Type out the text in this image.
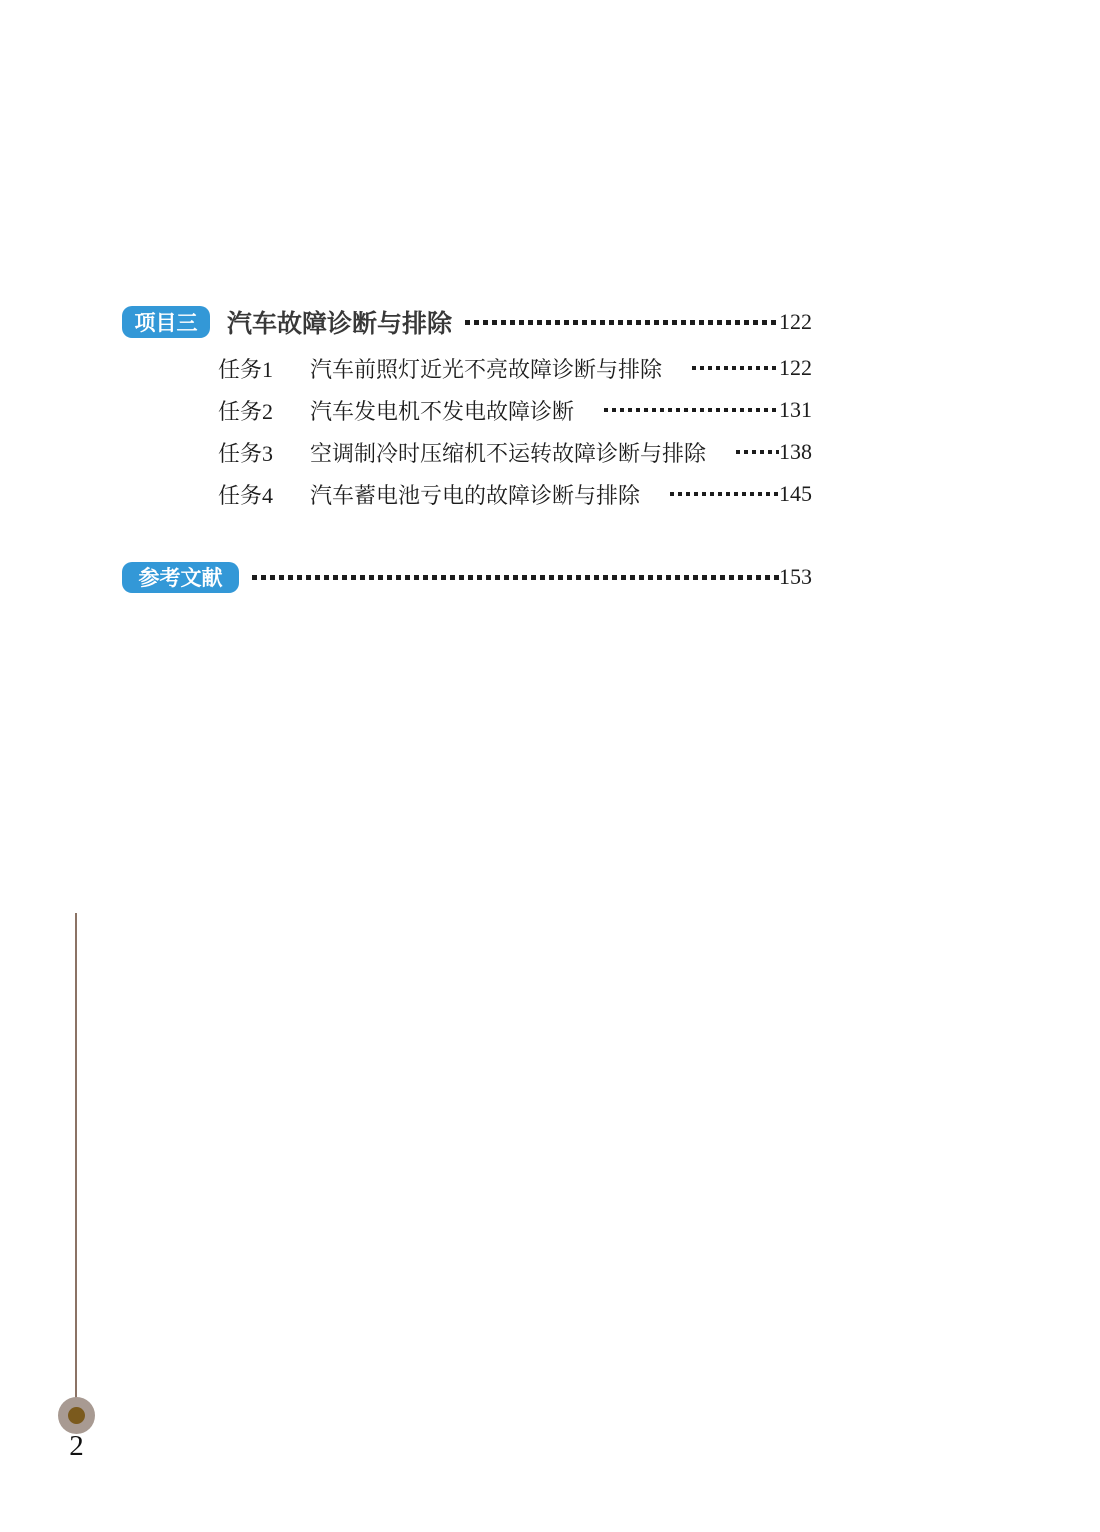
项目三	汽车故障诊断与排除	122
任务1	汽车前照灯近光不亮故障诊断与排除	122
任务2	汽车发电机不发电故障诊断	131
任务3	空调制冷时压缩机不运转故障诊断与排除	138
任务4	汽车蓄电池亏电的故障诊断与排除	145
参考文献	153
2
